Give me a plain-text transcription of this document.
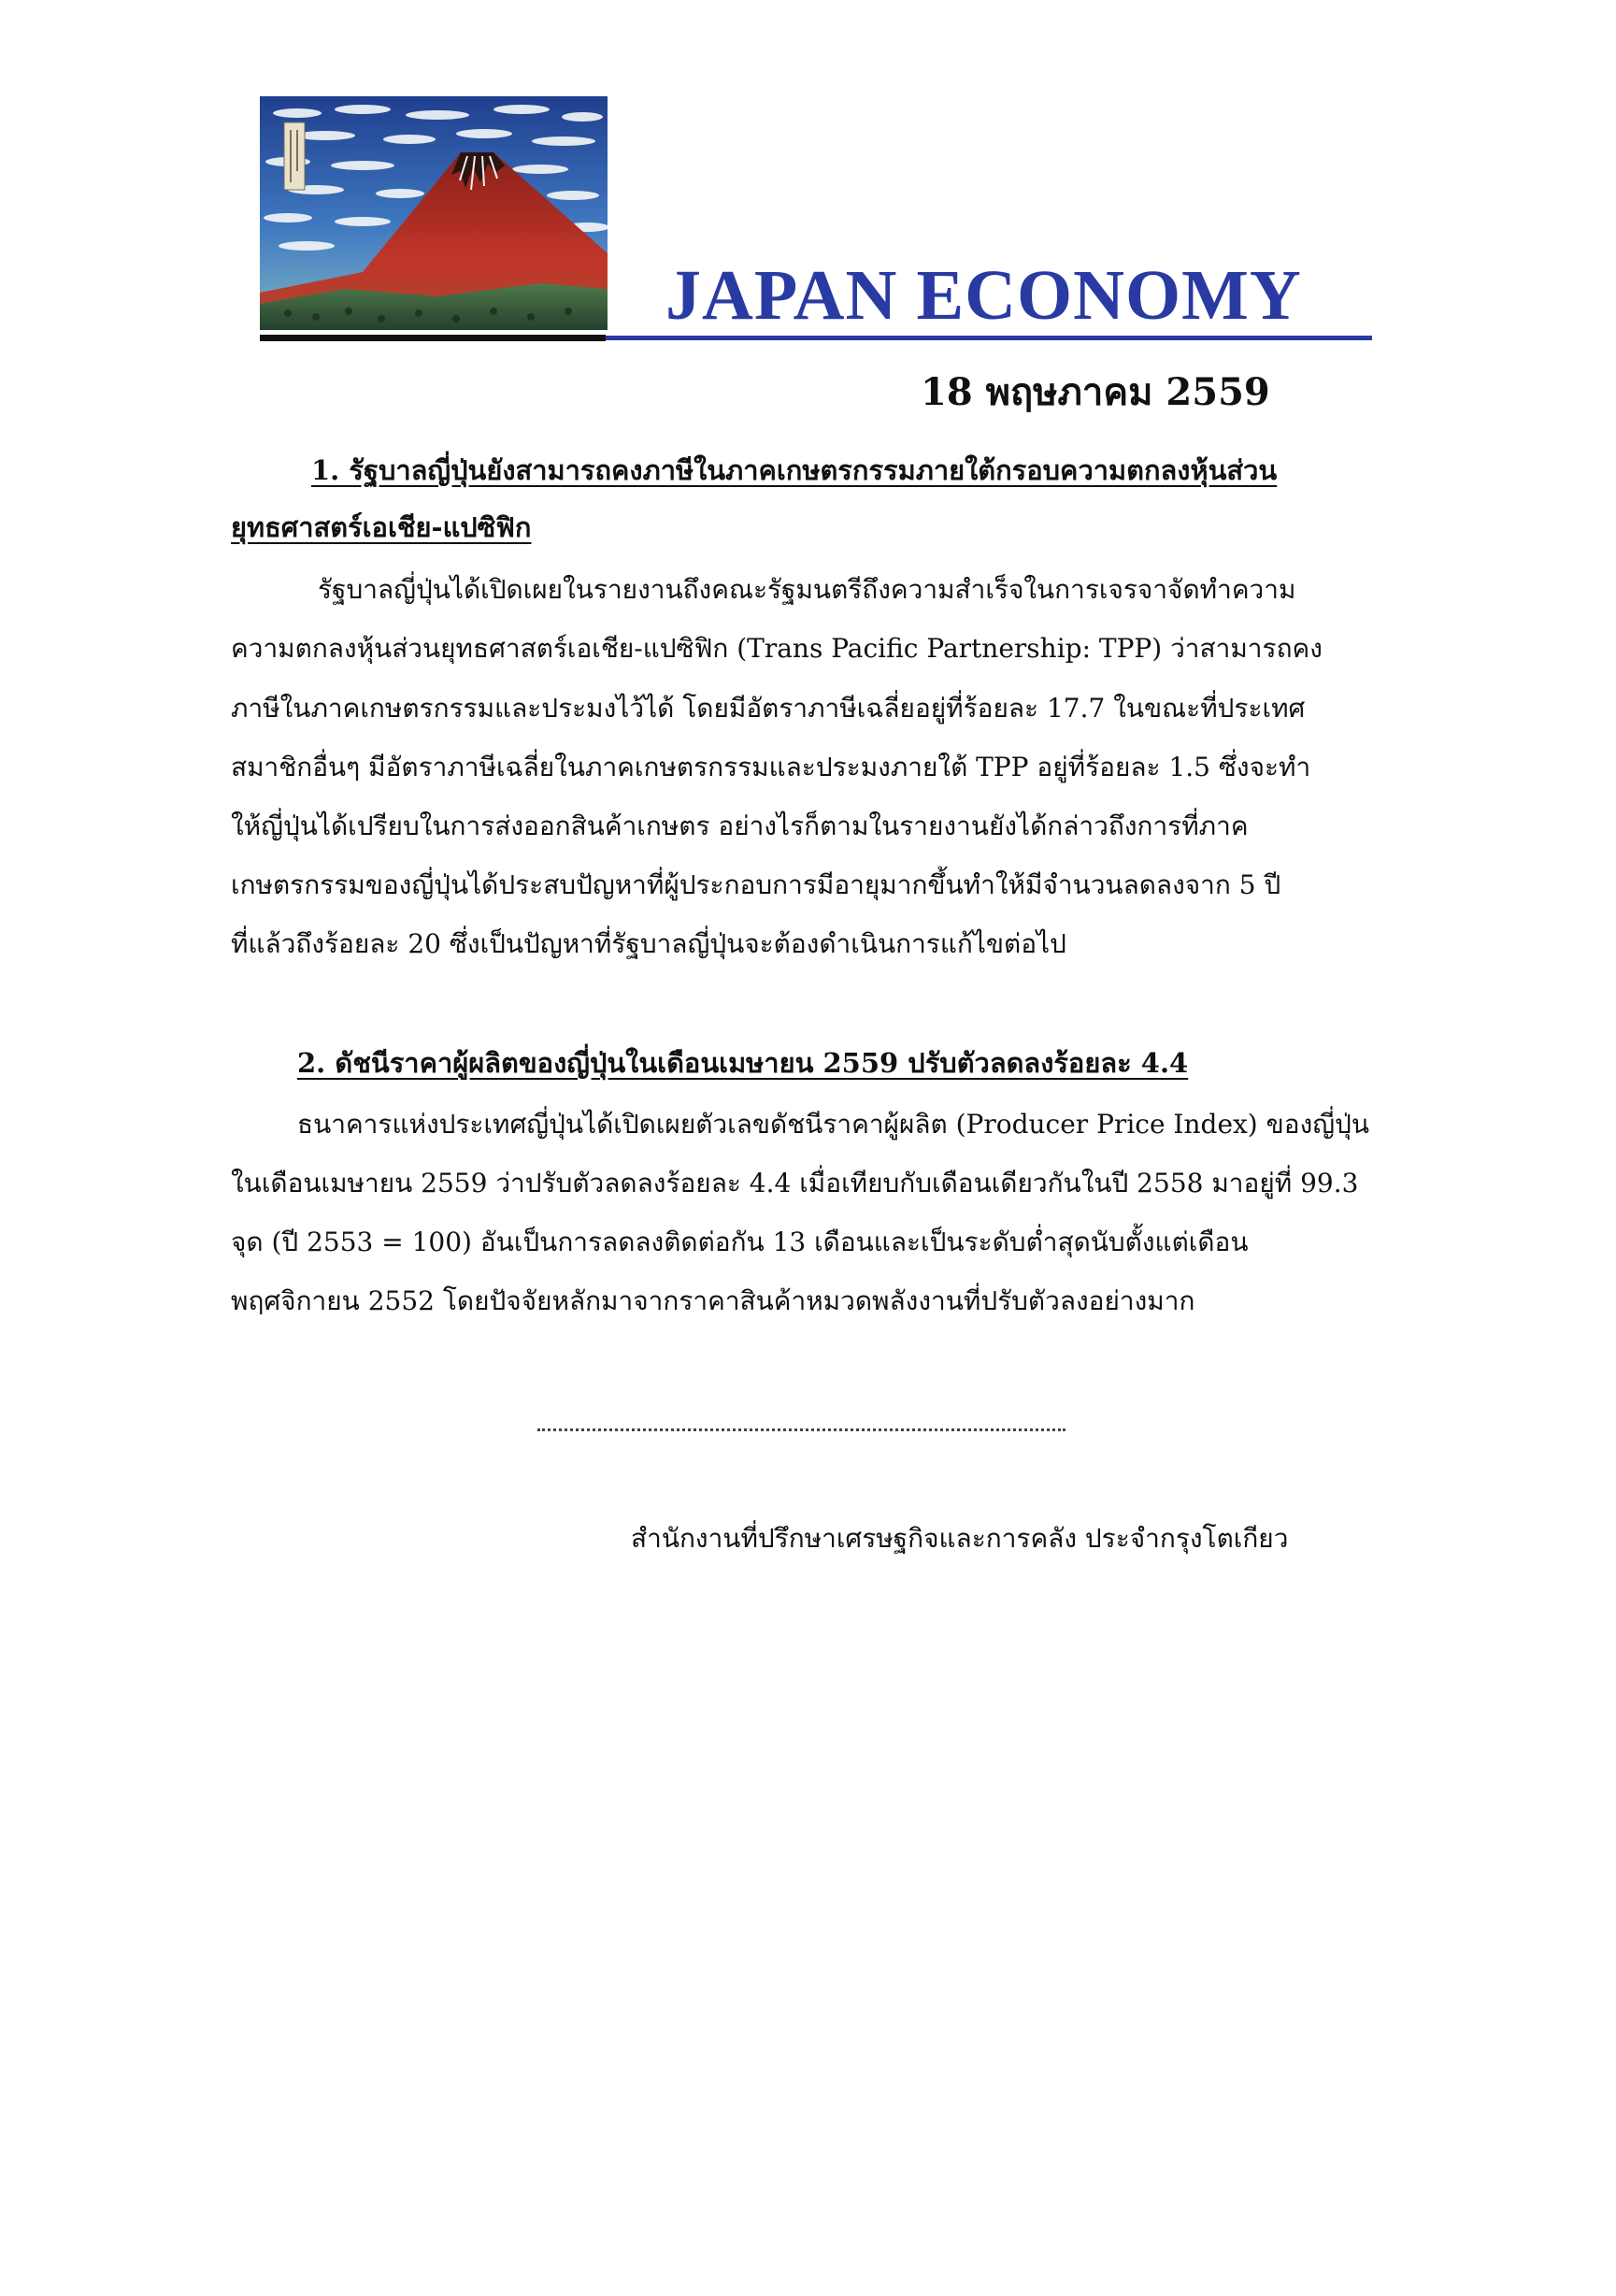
JAPAN ECONOMY
18 พฤษภาคม 2559
1. รัฐบาลญี่ปุ่นยังสามารถคงภาษีในภาคเกษตรกรรมภายใต้กรอบความตกลงหุ้นส่วน
ยุทธศาสตร์เอเชีย-แปซิฟิก
รัฐบาลญี่ปุ่นได้เปิดเผยในรายงานถึงคณะรัฐมนตรีถึงความสำเร็จในการเจรจาจัดทำความ
ความตกลงหุ้นส่วนยุทธศาสตร์เอเชีย-แปซิฟิก (Trans Pacific Partnership: TPP) ว่าสามารถคง
ภาษีในภาคเกษตรกรรมและประมงไว้ได้ โดยมีอัตราภาษีเฉลี่ยอยู่ที่ร้อยละ 17.7 ในขณะที่ประเทศ
สมาชิกอื่นๆ มีอัตราภาษีเฉลี่ยในภาคเกษตรกรรมและประมงภายใต้ TPP อยู่ที่ร้อยละ 1.5 ซึ่งจะทำ
ให้ญี่ปุ่นได้เปรียบในการส่งออกสินค้าเกษตร อย่างไรก็ตามในรายงานยังได้กล่าวถึงการที่ภาค
เกษตรกรรมของญี่ปุ่นได้ประสบปัญหาที่ผู้ประกอบการมีอายุมากขึ้นทำให้มีจำนวนลดลงจาก 5 ปี
ที่แล้วถึงร้อยละ 20 ซึ่งเป็นปัญหาที่รัฐบาลญี่ปุ่นจะต้องดำเนินการแก้ไขต่อไป
2. ดัชนีราคาผู้ผลิตของญี่ปุ่นในเดือนเมษายน 2559 ปรับตัวลดลงร้อยละ 4.4
ธนาคารแห่งประเทศญี่ปุ่นได้เปิดเผยตัวเลขดัชนีราคาผู้ผลิต (Producer Price Index) ของญี่ปุ่น
ในเดือนเมษายน 2559 ว่าปรับตัวลดลงร้อยละ 4.4 เมื่อเทียบกับเดือนเดียวกันในปี 2558 มาอยู่ที่ 99.3
จุด (ปี 2553 = 100) อันเป็นการลดลงติดต่อกัน 13 เดือนและเป็นระดับต่ำสุดนับตั้งแต่เดือน
พฤศจิกายน 2552 โดยปัจจัยหลักมาจากราคาสินค้าหมวดพลังงานที่ปรับตัวลงอย่างมาก
สำนักงานที่ปรึกษาเศรษฐกิจและการคลัง ประจำกรุงโตเกียว
